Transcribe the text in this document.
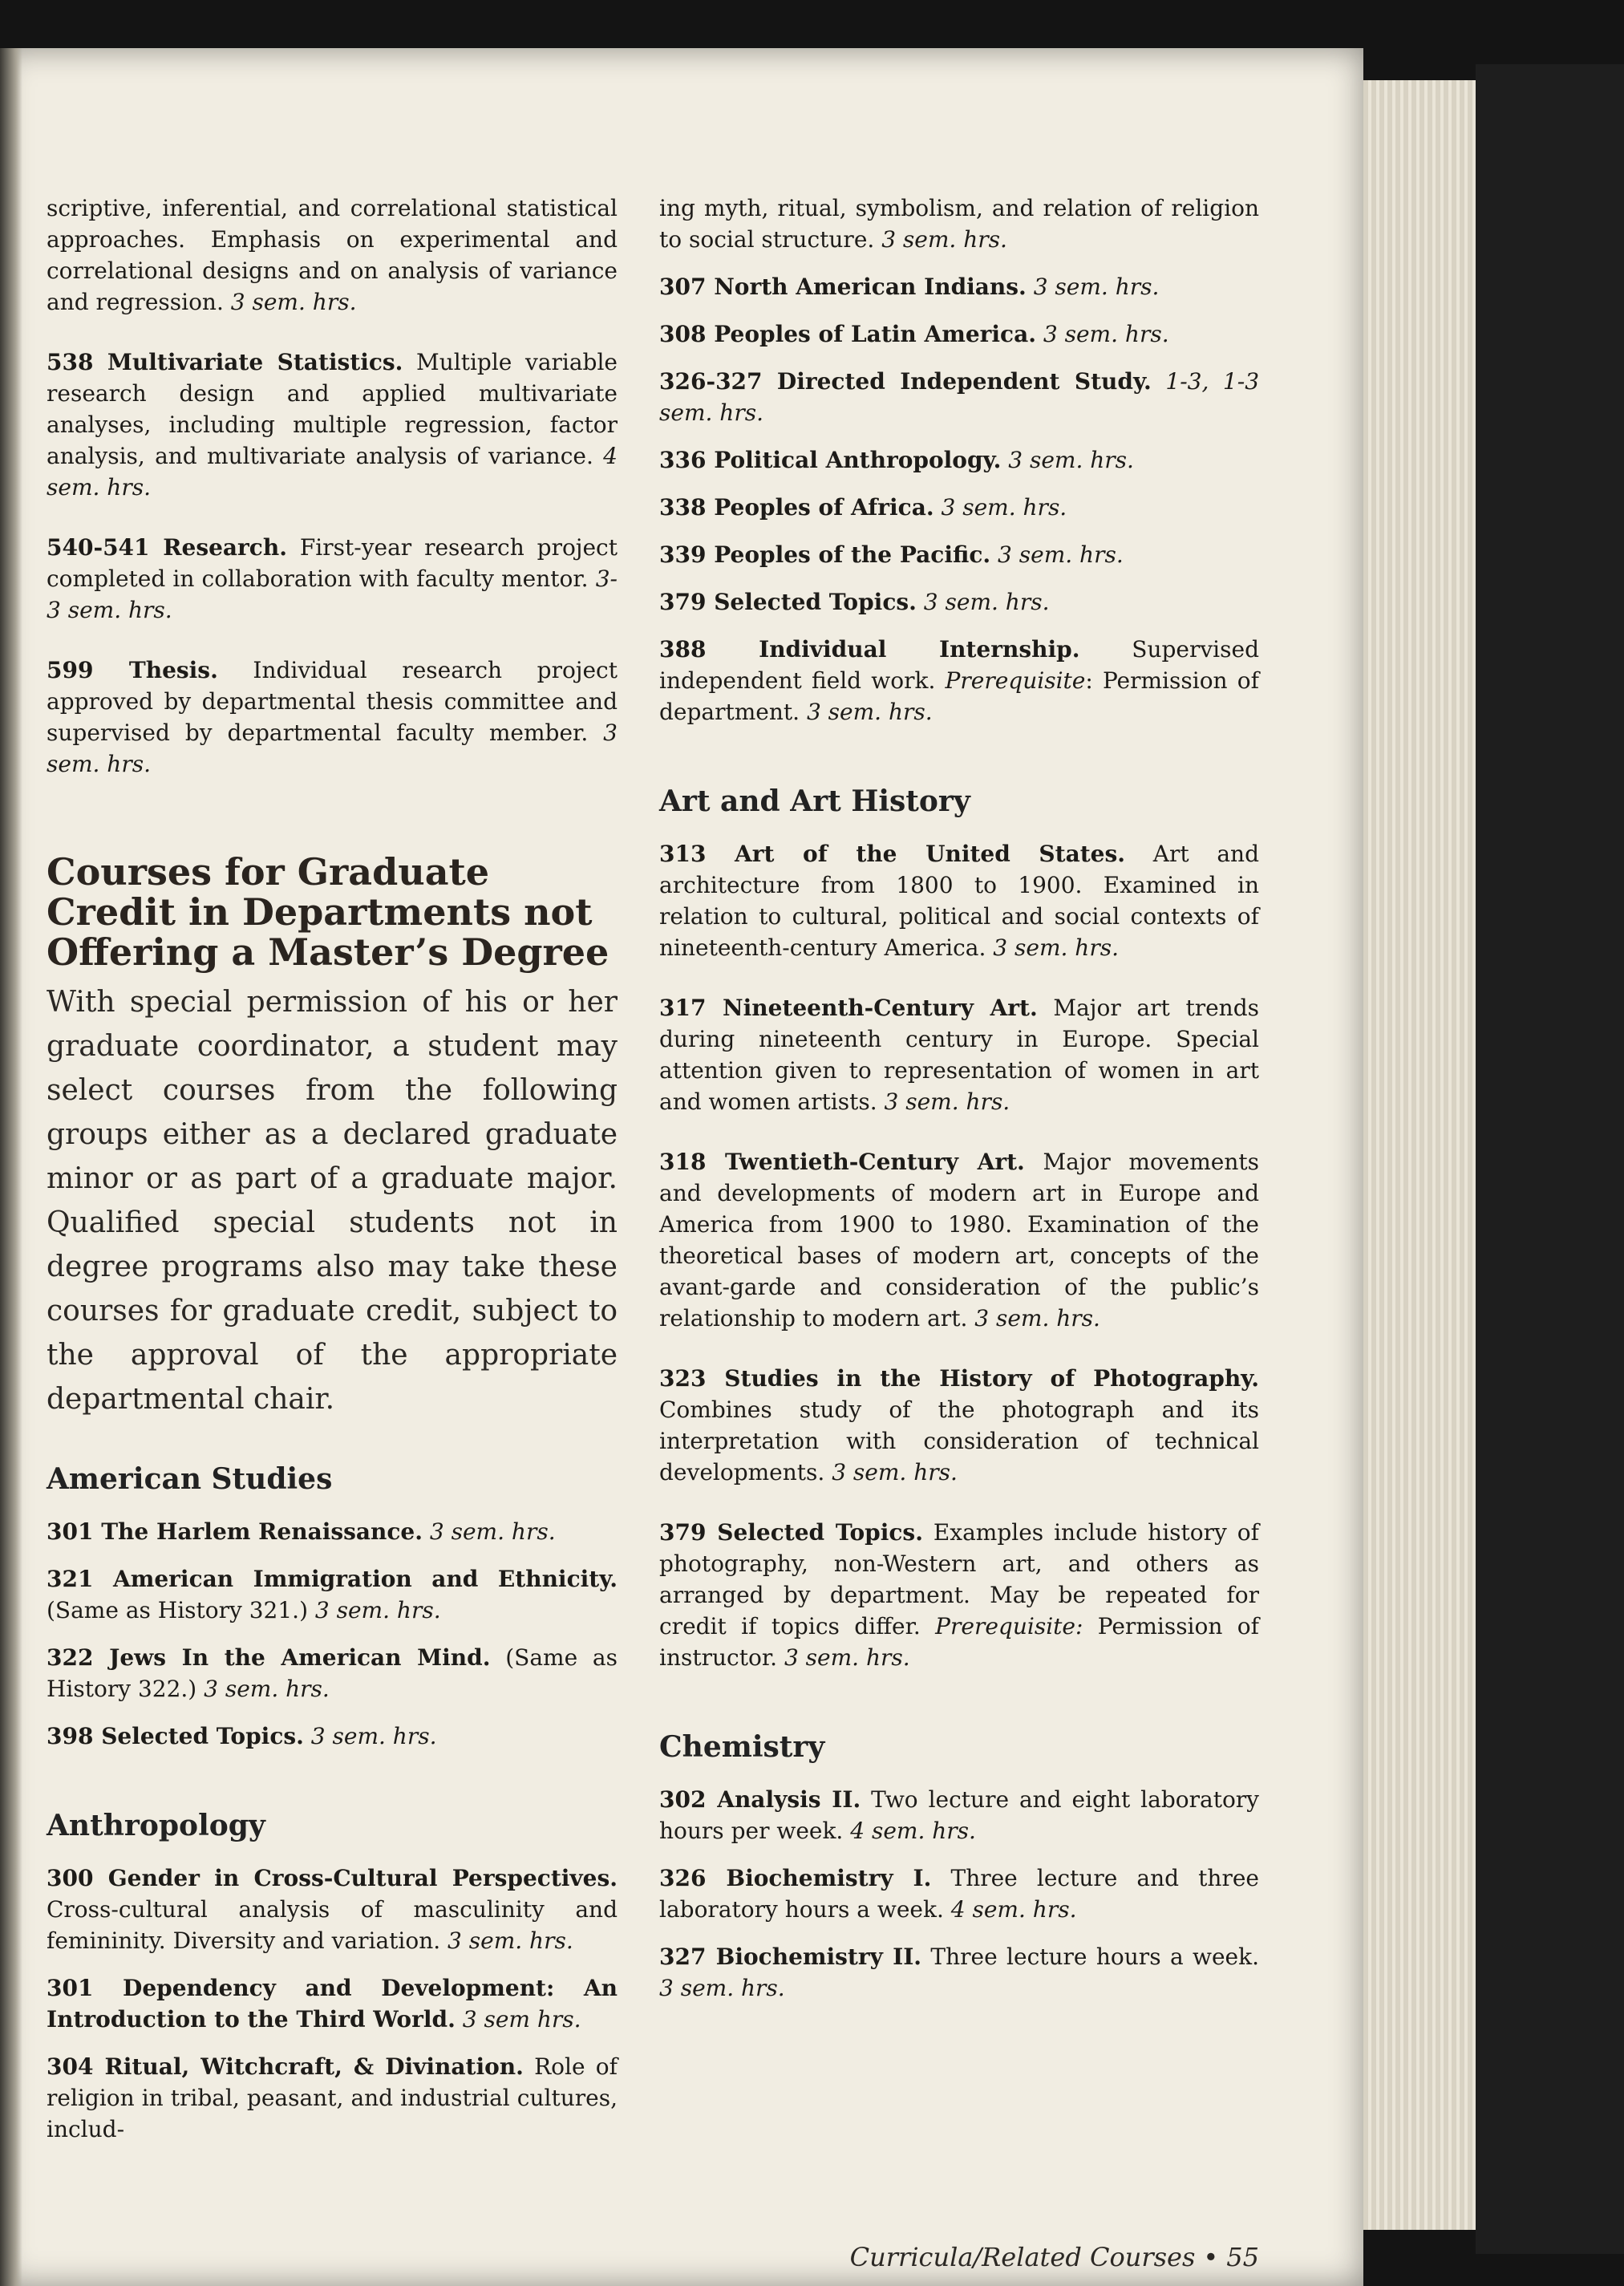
scriptive, inferential, and correlational statistical approaches. Emphasis on experimental and correlational designs and on analysis of variance and regression. 3 sem. hrs.

538 Multivariate Statistics. Multiple variable research design and applied multivariate analyses, including multiple regression, factor analysis, and multivariate analysis of variance. 4 sem. hrs.

540-541 Research. First-year research project completed in collaboration with faculty mentor. 3-3 sem. hrs.

599 Thesis. Individual research project approved by departmental thesis committee and supervised by departmental faculty member. 3 sem. hrs.

Courses for Graduate Credit in Departments not Offering a Master’s Degree

With special permission of his or her graduate coordinator, a student may select courses from the following groups either as a declared graduate minor or as part of a graduate major. Qualified special students not in degree programs also may take these courses for graduate credit, subject to the approval of the appropriate departmental chair.

American Studies

301 The Harlem Renaissance. 3 sem. hrs.

321 American Immigration and Ethnicity. (Same as History 321.) 3 sem. hrs.

322 Jews In the American Mind. (Same as History 322.) 3 sem. hrs.

398 Selected Topics. 3 sem. hrs.

Anthropology

300 Gender in Cross-Cultural Perspectives. Cross-cultural analysis of masculinity and femininity. Diversity and variation. 3 sem. hrs.

301 Dependency and Development: An Introduction to the Third World. 3 sem hrs.

304 Ritual, Witchcraft, & Divination. Role of religion in tribal, peasant, and industrial cultures, includ-

ing myth, ritual, symbolism, and relation of religion to social structure. 3 sem. hrs.

307 North American Indians. 3 sem. hrs.

308 Peoples of Latin America. 3 sem. hrs.

326-327 Directed Independent Study. 1-3, 1-3 sem. hrs.

336 Political Anthropology. 3 sem. hrs.

338 Peoples of Africa. 3 sem. hrs.

339 Peoples of the Pacific. 3 sem. hrs.

379 Selected Topics. 3 sem. hrs.

388 Individual Internship. Supervised independent field work. Prerequisite: Permission of department. 3 sem. hrs.

Art and Art History

313 Art of the United States. Art and architecture from 1800 to 1900. Examined in relation to cultural, political and social contexts of nineteenth-century America. 3 sem. hrs.

317 Nineteenth-Century Art. Major art trends during nineteenth century in Europe. Special attention given to representation of women in art and women artists. 3 sem. hrs.

318 Twentieth-Century Art. Major movements and developments of modern art in Europe and America from 1900 to 1980. Examination of the theoretical bases of modern art, concepts of the avant-garde and consideration of the public’s relationship to modern art. 3 sem. hrs.

323 Studies in the History of Photography. Combines study of the photograph and its interpretation with consideration of technical developments. 3 sem. hrs.

379 Selected Topics. Examples include history of photography, non-Western art, and others as arranged by department. May be repeated for credit if topics differ. Prerequisite: Permission of instructor. 3 sem. hrs.

Chemistry

302 Analysis II. Two lecture and eight laboratory hours per week. 4 sem. hrs.

326 Biochemistry I. Three lecture and three laboratory hours a week. 4 sem. hrs.

327 Biochemistry II. Three lecture hours a week. 3 sem. hrs.

Curricula/Related Courses • 55
